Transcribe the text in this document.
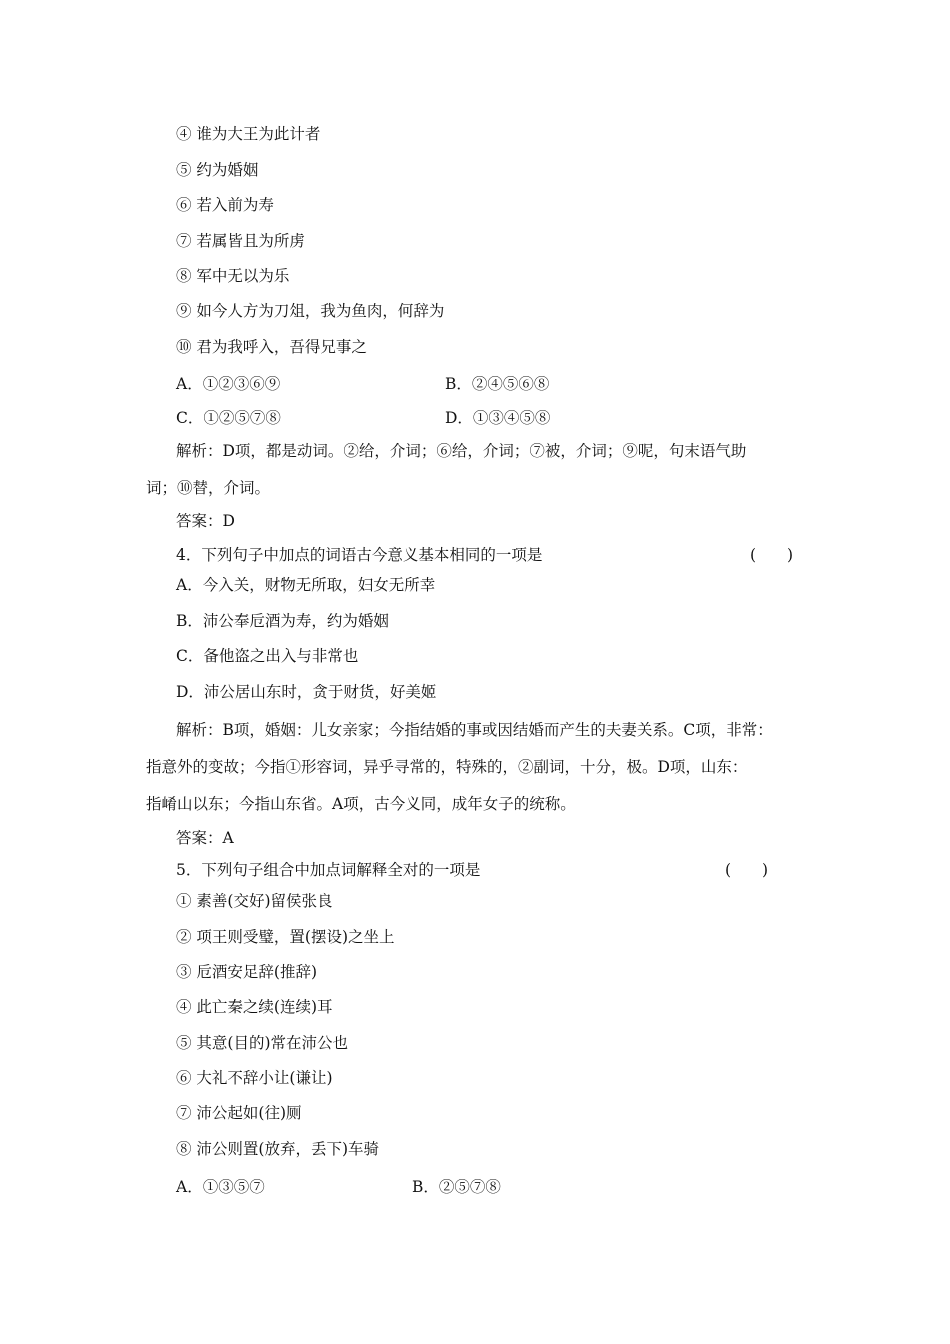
④ 谁为大王为此计者
⑤ 约为婚姻
⑥ 若入前为寿
⑦ 若属皆且为所虏
⑧ 军中无以为乐
⑨ 如今人方为刀俎，我为鱼肉，何辞为
⑩ 君为我呼入，吾得兄事之
A．①②③⑥⑨	B．②④⑤⑥⑧
C．①②⑤⑦⑧	D．①③④⑤⑧
解析：D项，都是动词。②给，介词；⑥给，介词；⑦被，介词；⑨呢，句末语气助
词；⑩替，介词。
答案：D
4．下列句子中加点的词语古今意义基本相同的一项是	(　　)
A．今入关，财物无所取，妇女无所幸
B．沛公奉卮酒为寿，约为婚姻
C．备他盗之出入与非常也
D．沛公居山东时，贪于财货，好美姬
解析：B项，婚姻：儿女亲家；今指结婚的事或因结婚而产生的夫妻关系。C项，非常：
指意外的变故；今指①形容词，异乎寻常的，特殊的，②副词，十分，极。D项，山东：
指崤山以东；今指山东省。A项，古今义同，成年女子的统称。
答案：A
5．下列句子组合中加点词解释全对的一项是	(　　)
① 素善(交好)留侯张良
② 项王则受璧，置(摆设)之坐上
③ 卮酒安足辞(推辞)
④ 此亡秦之续(连续)耳
⑤ 其意(目的)常在沛公也
⑥ 大礼不辞小让(谦让)
⑦ 沛公起如(往)厕
⑧ 沛公则置(放弃，丢下)车骑
A．①③⑤⑦	B．②⑤⑦⑧
